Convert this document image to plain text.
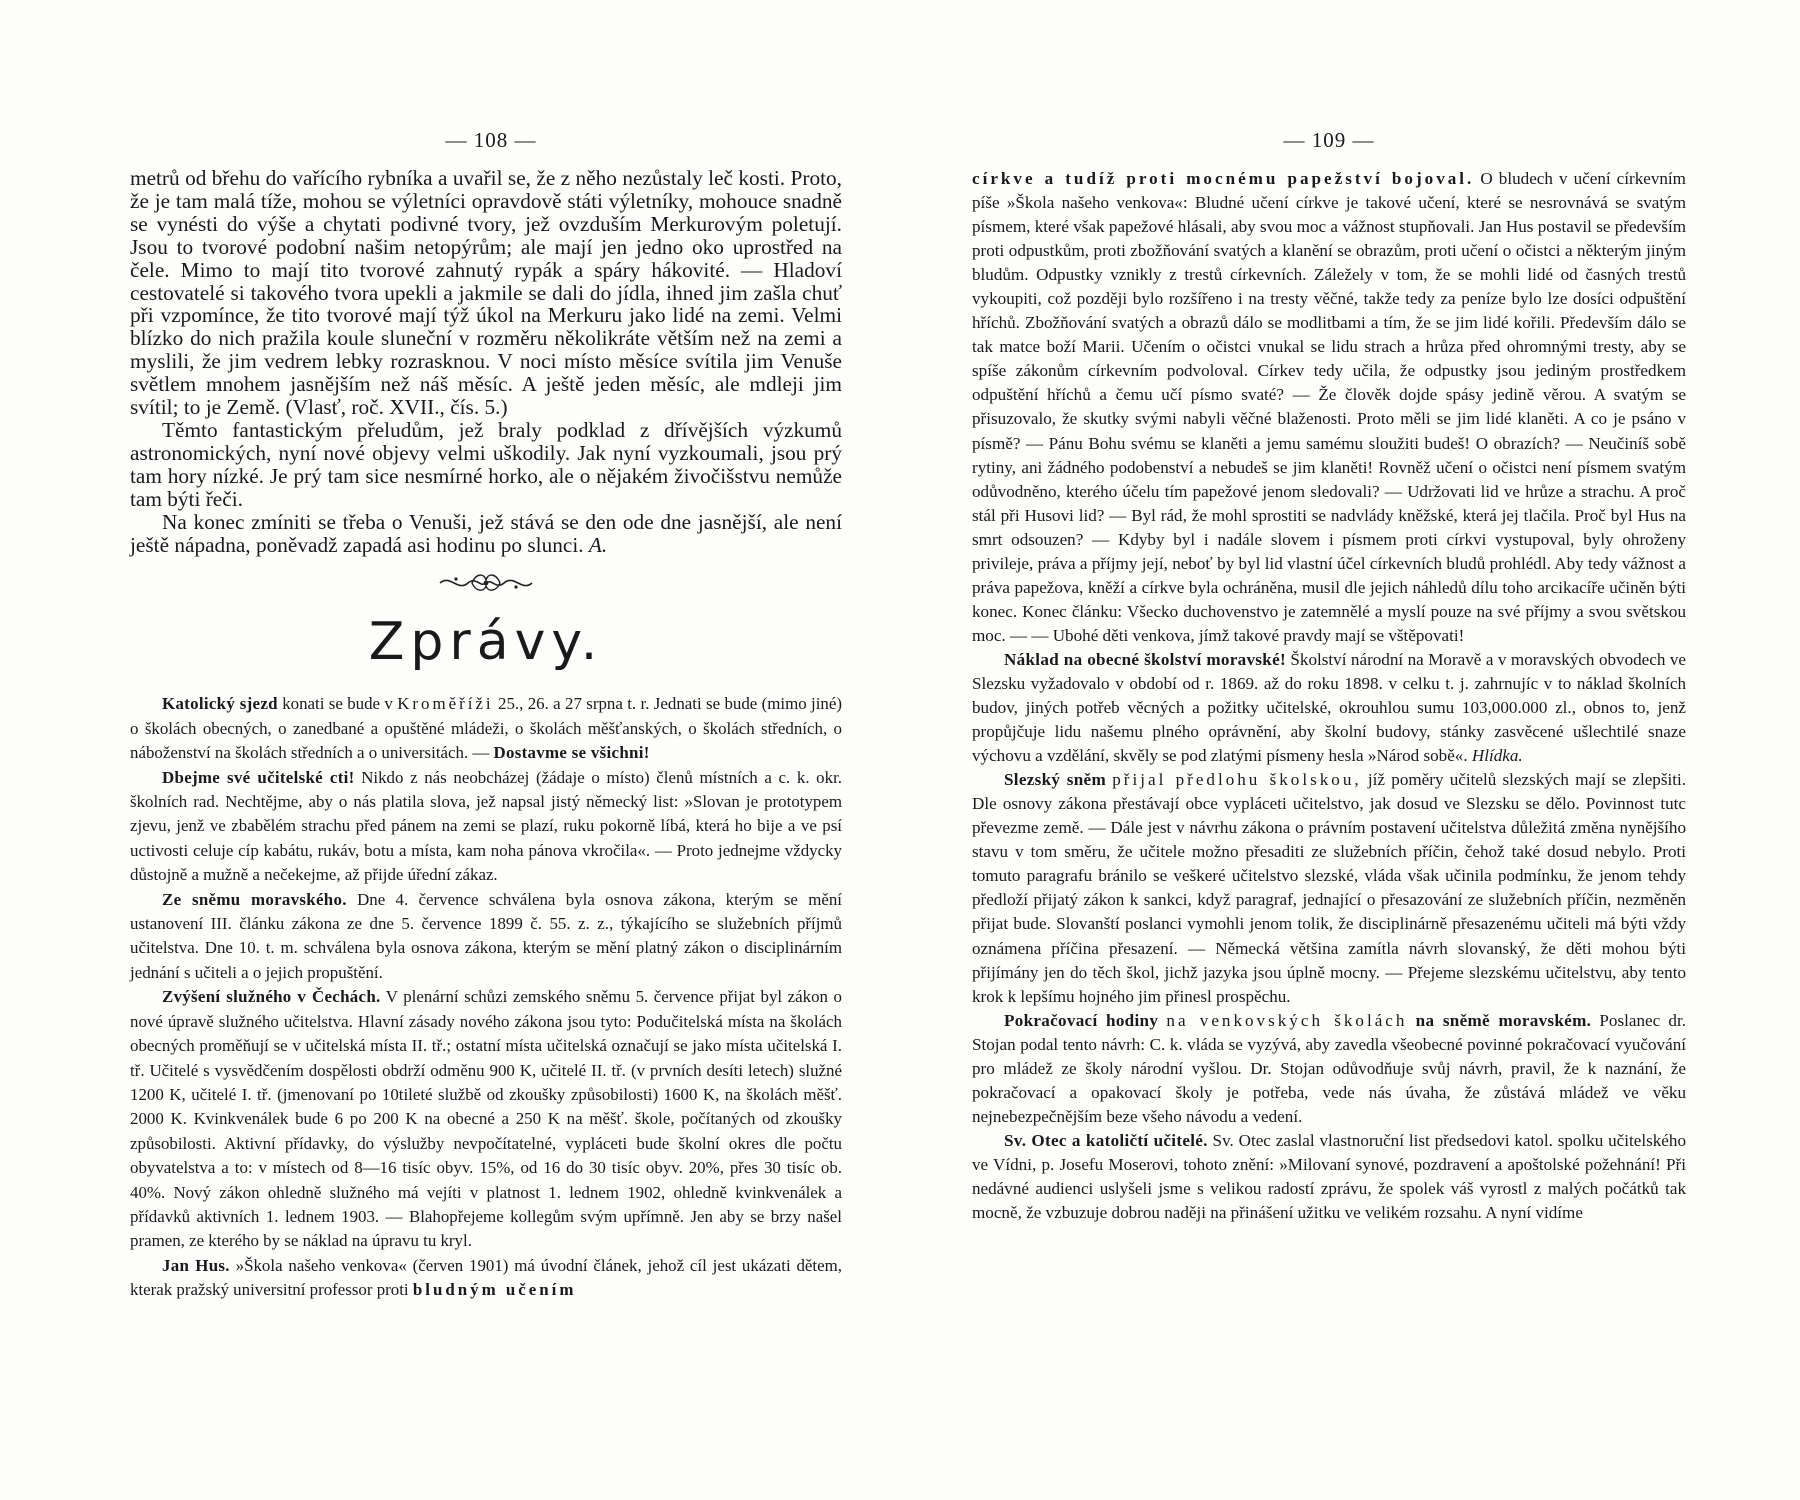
— 108 —

metrů od břehu do vařícího rybníka a uvařil se, že z něho nezůstaly leč kosti. Proto, že je tam malá tíže, mohou se výletníci opravdově státi výletníky, mohouce snadně se vynésti do výše a chytati podivné tvory, jež ovzduším Merkurovým poletují. Jsou to tvorové podobní našim netopýrům; ale mají jen jedno oko uprostřed na čele. Mimo to mají tito tvorové zahnutý rypák a spáry hákovité. — Hladoví cestovatelé si takového tvora upekli a jakmile se dali do jídla, ihned jim zašla chuť při vzpomínce, že tito tvorové mají týž úkol na Merkuru jako lidé na zemi. Velmi blízko do nich pražila koule sluneční v rozměru několikráte větším než na zemi a myslili, že jim vedrem lebky rozrasknou. V noci místo měsíce svítila jim Venuše světlem mnohem jasnějším než náš měsíc. A ještě jeden měsíc, ale mdleji jim svítil; to je Země. (Vlasť, roč. XVII., čís. 5.)

Těmto fantastickým přeludům, jež braly podklad z dřívějších výzkumů astronomických, nyní nové objevy velmi uškodily. Jak nyní vyzkoumali, jsou prý tam hory nízké. Je prý tam sice nesmírné horko, ale o nějakém živočišstvu nemůže tam býti řeči.

Na konec zmíniti se třeba o Venuši, jež stává se den ode dne jasnější, ale není ještě nápadna, poněvadž zapadá asi hodinu po slunci. A.

Zprávy.

Katolický sjezd konati se bude v Kroměříži 25., 26. a 27 srpna t. r. Jednati se bude (mimo jiné) o školách obecných, o zanedbané a opuštěné mládeži, o školách měšťanských, o školách středních, o náboženství na školách středních a o universitách. — Dostavme se všichni!

Dbejme své učitelské cti! Nikdo z nás neobcházej (žádaje o místo) členů místních a c. k. okr. školních rad. Nechtějme, aby o nás platila slova, jež napsal jistý německý list: »Slovan je prototypem zjevu, jenž ve zbabělém strachu před pánem na zemi se plazí, ruku pokorně líbá, která ho bije a ve psí uctivosti celuje cíp kabátu, rukáv, botu a místa, kam noha pánova vkročila«. — Proto jednejme vždycky důstojně a mužně a nečekejme, až přijde úřední zákaz.

Ze sněmu moravského. Dne 4. července schválena byla osnova zákona, kterým se mění ustanovení III. článku zákona ze dne 5. července 1899 č. 55. z. z., týkajícího se služebních příjmů učitelstva. Dne 10. t. m. schválena byla osnova zákona, kterým se mění platný zákon o disciplinárním jednání s učiteli a o jejich propuštění.

Zvýšení služného v Čechách. V plenární schůzi zemského sněmu 5. července přijat byl zákon o nové úpravě služného učitelstva. Hlavní zásady nového zákona jsou tyto: Podučitelská místa na školách obecných proměňují se v učitelská místa II. tř.; ostatní místa učitelská označují se jako místa učitelská I. tř. Učitelé s vysvědčením dospělosti obdrží odměnu 900 K, učitelé II. tř. (v prvních desíti letech) služné 1200 K, učitelé I. tř. (jmenovaní po 10tileté službě od zkoušky způsobilosti) 1600 K, na školách měšť. 2000 K. Kvinkvenálek bude 6 po 200 K na obecné a 250 K na měšť. škole, počítaných od zkoušky způsobilosti. Aktivní přídavky, do výslužby nevpočítatelné, vypláceti bude školní okres dle počtu obyvatelstva a to: v místech od 8—16 tisíc obyv. 15%, od 16 do 30 tisíc obyv. 20%, přes 30 tisíc ob. 40%. Nový zákon ohledně služného má vejíti v platnost 1. lednem 1902, ohledně kvinkvenálek a přídavků aktivních 1. lednem 1903. — Blahopřejeme kollegům svým upřímně. Jen aby se brzy našel pramen, ze kterého by se náklad na úpravu tu kryl.

Jan Hus. »Škola našeho venkova« (červen 1901) má úvodní článek, jehož cíl jest ukázati dětem, kterak pražský universitní professor proti bludným učením

— 109 —

církve a tudíž proti mocnému papežství bojoval. O bludech v učení církevním píše »Škola našeho venkova«: Bludné učení církve je takové učení, které se nesrovnává se svatým písmem, které však papežové hlásali, aby svou moc a vážnost stupňovali. Jan Hus postavil se především proti odpustkům, proti zbožňování svatých a klanění se obrazům, proti učení o očistci a některým jiným bludům. Odpustky vznikly z trestů církevních. Záležely v tom, že se mohli lidé od časných trestů vykoupiti, což později bylo rozšířeno i na tresty věčné, takže tedy za peníze bylo lze dosíci odpuštění hříchů. Zbožňování svatých a obrazů dálo se modlitbami a tím, že se jim lidé kořili. Především dálo se tak matce boží Marii. Učením o očistci vnukal se lidu strach a hrůza před ohromnými tresty, aby se spíše zákonům církevním podvoloval. Církev tedy učila, že odpustky jsou jediným prostředkem odpuštění hříchů a čemu učí písmo svaté? — Že člověk dojde spásy jedině věrou. A svatým se přisuzovalo, že skutky svými nabyli věčné blaženosti. Proto měli se jim lidé klaněti. A co je psáno v písmě? — Pánu Bohu svému se klaněti a jemu samému sloužiti budeš! O obrazích? — Neučiníš sobě rytiny, ani žádného podobenství a nebudeš se jim klaněti! Rovněž učení o očistci není písmem svatým odůvodněno, kterého účelu tím papežové jenom sledovali? — Udržovati lid ve hrůze a strachu. A proč stál při Husovi lid? — Byl rád, že mohl sprostiti se nadvlády kněžské, která jej tlačila. Proč byl Hus na smrt odsouzen? — Kdyby byl i nadále slovem i písmem proti církvi vystupoval, byly ohroženy privileje, práva a příjmy její, neboť by byl lid vlastní účel církevních bludů prohlédl. Aby tedy vážnost a práva papežova, kněží a církve byla ochráněna, musil dle jejich náhledů dílu toho arcikacíře učiněn býti konec. Konec článku: Všecko duchovenstvo je zatemnělé a myslí pouze na své příjmy a svou světskou moc. — — Ubohé děti venkova, jímž takové pravdy mají se vštěpovati!

Náklad na obecné školství moravské! Školství národní na Moravě a v moravských obvodech ve Slezsku vyžadovalo v období od r. 1869. až do roku 1898. v celku t. j. zahrnujíc v to náklad školních budov, jiných potřeb věcných a požitky učitelské, okrouhlou sumu 103,000.000 zl., obnos to, jenž propůjčuje lidu našemu plného oprávnění, aby školní budovy, stánky zasvěcené ušlechtilé snaze výchovu a vzdělání, skvěly se pod zlatými písmeny hesla »Národ sobě«. Hlídka.

Slezský sněm přijal předlohu školskou, jíž poměry učitelů slezských mají se zlepšiti. Dle osnovy zákona přestávají obce vypláceti učitelstvo, jak dosud ve Slezsku se dělo. Povinnost tutc převezme země. — Dále jest v návrhu zákona o právním postavení učitelstva důležitá změna nynějšího stavu v tom směru, že učitele možno přesaditi ze služebních příčin, čehož také dosud nebylo. Proti tomuto paragrafu bránilo se veškeré učitelstvo slezské, vláda však učinila podmínku, že jenom tehdy předloží přijatý zákon k sankci, když paragraf, jednající o přesazování ze služebních příčin, nezměněn přijat bude. Slovanští poslanci vymohli jenom tolik, že disciplinárně přesazenému učiteli má býti vždy oznámena příčina přesazení. — Německá většina zamítla návrh slovanský, že děti mohou býti přijímány jen do těch škol, jichž jazyka jsou úplně mocny. — Přejeme slezskému učitelstvu, aby tento krok k lepšímu hojného jim přinesl prospěchu.

Pokračovací hodiny na venkovských školách na sněmě moravském. Poslanec dr. Stojan podal tento návrh: C. k. vláda se vyzývá, aby zavedla všeobecné povinné pokračovací vyučování pro mládež ze školy národní vyšlou. Dr. Stojan odůvodňuje svůj návrh, pravil, že k naznání, že pokračovací a opakovací školy je potřeba, vede nás úvaha, že zůstává mládež ve věku nejnebezpečnějším beze všeho návodu a vedení.

Sv. Otec a katoličtí učitelé. Sv. Otec zaslal vlastnoruční list předsedovi katol. spolku učitelského ve Vídni, p. Josefu Moserovi, tohoto znění: »Milovaní synové, pozdravení a apoštolské požehnání! Při nedávné audienci uslyšeli jsme s velikou radostí zprávu, že spolek váš vyrostl z malých počátků tak mocně, že vzbuzuje dobrou naději na přinášení užitku ve velikém rozsahu. A nyní vidíme
